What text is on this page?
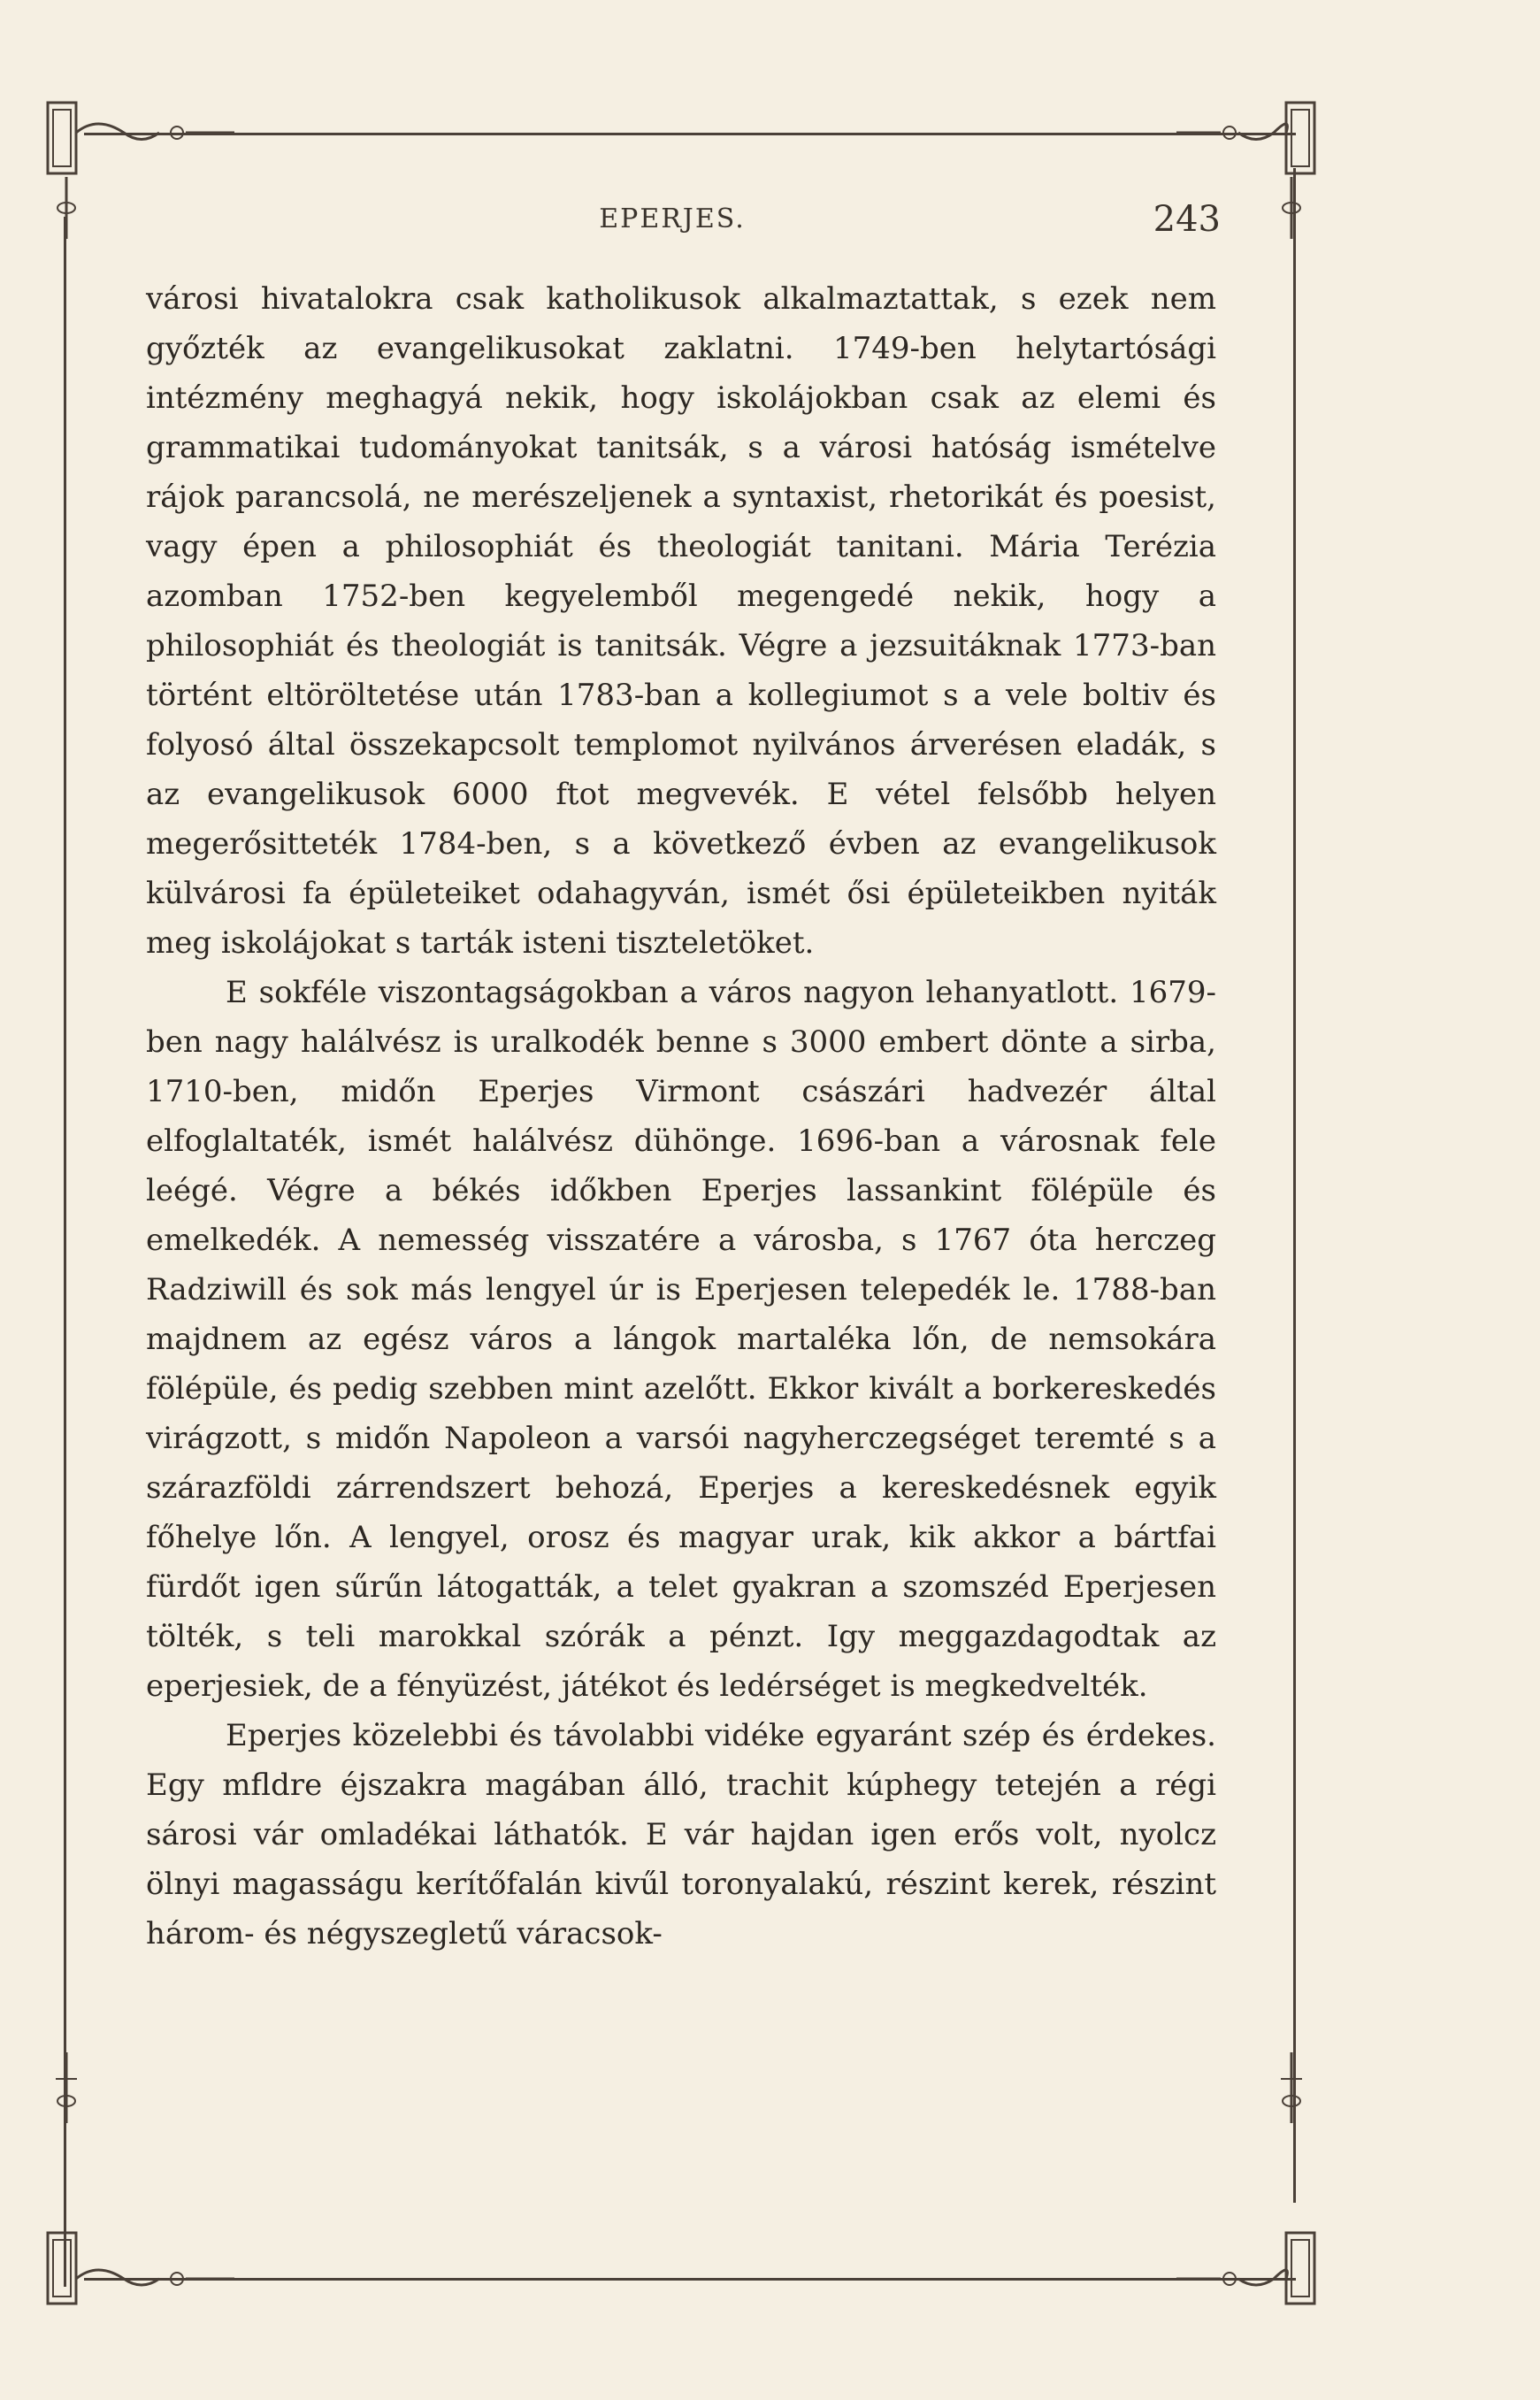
EPERJES.	243

városi hivatalokra csak katholikusok alkalmaztattak, s ezek nem győzték az evangelikusokat zaklatni. 1749-ben helytartósági intézmény meghagyá nekik, hogy iskolájokban csak az elemi és grammatikai tudományokat tanitsák, s a városi hatóság ismételve rájok parancsolá, ne merészeljenek a syntaxist, rhetorikát és poesist, vagy épen a philosophiát és theologiát tanitani. Mária Terézia azomban 1752-ben kegyelemből megengedé nekik, hogy a philosophiát és theologiát is tanitsák. Végre a jezsuitáknak 1773-ban történt eltöröltetése után 1783-ban a kollegiumot s a vele boltiv és folyosó által összekapcsolt templomot nyilvános árverésen eladák, s az evangelikusok 6000 ftot megvevék. E vétel felsőbb helyen megerősitteték 1784-ben, s a következő évben az evangelikusok külvárosi fa épületeiket odahagyván, ismét ősi épületeikben nyiták meg iskolájokat s tarták isteni tiszteletöket.

E sokféle viszontagságokban a város nagyon lehanyatlott. 1679-ben nagy halálvész is uralkodék benne s 3000 embert dönte a sirba, 1710-ben, midőn Eperjes Virmont császári hadvezér által elfoglaltaték, ismét halálvész dühönge. 1696-ban a városnak fele leégé. Végre a békés időkben Eperjes lassankint fölépüle és emelkedék. A nemesség visszatére a városba, s 1767 óta herczeg Radziwill és sok más lengyel úr is Eperjesen telepedék le. 1788-ban majdnem az egész város a lángok martaléka lőn, de nemsokára fölépüle, és pedig szebben mint azelőtt. Ekkor kivált a borkereskedés virágzott, s midőn Napoleon a varsói nagyherczegséget teremté s a szárazföldi zárrendszert behozá, Eperjes a kereskedésnek egyik főhelye lőn. A lengyel, orosz és magyar urak, kik akkor a bártfai fürdőt igen sűrűn látogatták, a telet gyakran a szomszéd Eperjesen tölték, s teli marokkal szórák a pénzt. Igy meggazdagodtak az eperjesiek, de a fényüzést, játékot és ledérséget is megkedvelték.

Eperjes közelebbi és távolabbi vidéke egyaránt szép és érdekes. Egy mfldre éjszakra magában álló, trachit kúphegy tetején a régi sárosi vár omladékai láthatók. E vár hajdan igen erős volt, nyolcz ölnyi magasságu kerítőfalán kivűl toronyalakú, részint kerek, részint három- és négyszegletű váracsok-
